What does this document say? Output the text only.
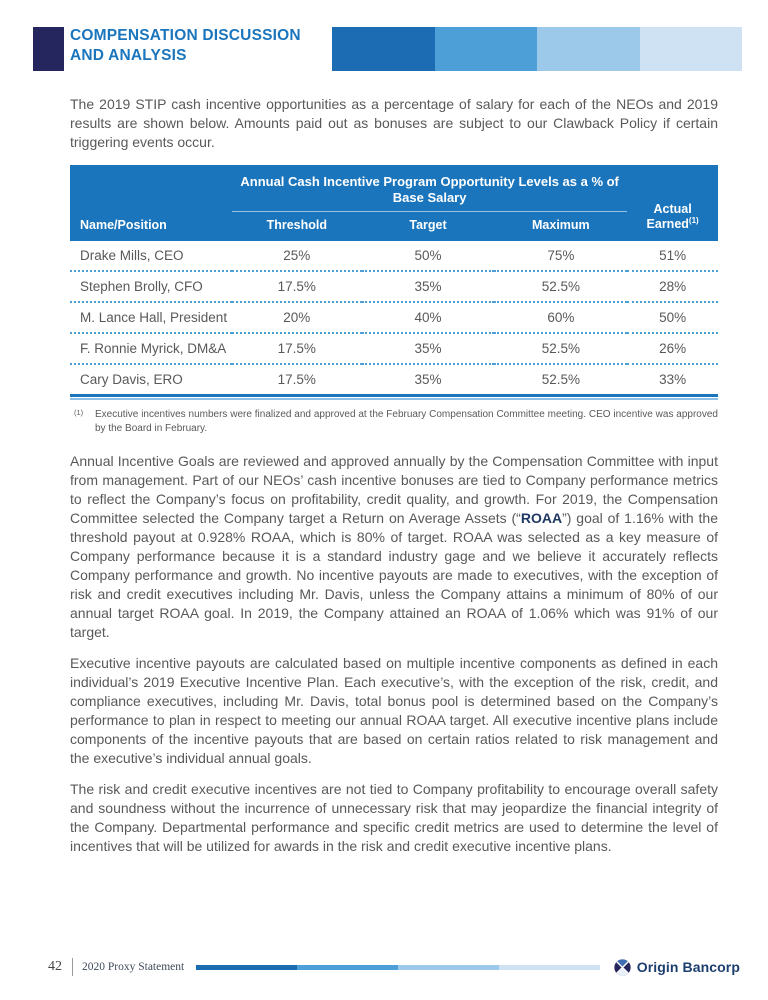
COMPENSATION DISCUSSION
AND ANALYSIS

The 2019 STIP cash incentive opportunities as a percentage of salary for each of the NEOs and 2019 results are shown below. Amounts paid out as bonuses are subject to our Clawback Policy if certain triggering events occur.

Name/Position	Annual Cash Incentive Program Opportunity Levels as a % of Base Salary			Actual
Earned$^{(1)}$
	Threshold	Target	Maximum	
Drake Mills, CEO	25%	50%	75%	51%
Stephen Brolly, CFO	17.5%	35%	52.5%	28%
M. Lance Hall, President	20%	40%	60%	50%
F. Ronnie Myrick, DM&A	17.5%	35%	52.5%	26%
Cary Davis, ERO	17.5%	35%	52.5%	33%
(1) Executive incentives numbers were finalized and approved at the February Compensation Committee meeting. CEO incentive was approved by the Board in February.

Annual Incentive Goals are reviewed and approved annually by the Compensation Committee with input from management. Part of our NEOs’ cash incentive bonuses are tied to Company performance metrics to reflect the Company’s focus on profitability, credit quality, and growth. For 2019, the Compensation Committee selected the Company target a Return on Average Assets (“ROAA”) goal of 1.16% with the threshold payout at 0.928% ROAA, which is 80% of target. ROAA was selected as a key measure of Company performance because it is a standard industry gage and we believe it accurately reflects Company performance and growth. No incentive payouts are made to executives, with the exception of risk and credit executives including Mr. Davis, unless the Company attains a minimum of 80% of our annual target ROAA goal. In 2019, the Company attained an ROAA of 1.06% which was 91% of our target.

Executive incentive payouts are calculated based on multiple incentive components as defined in each individual’s 2019 Executive Incentive Plan. Each executive’s, with the exception of the risk, credit, and compliance executives, including Mr. Davis, total bonus pool is determined based on the Company’s performance to plan in respect to meeting our annual ROAA target. All executive incentive plans include components of the incentive payouts that are based on certain ratios related to risk management and the executive’s individual annual goals.

The risk and credit executive incentives are not tied to Company profitability to encourage overall safety and soundness without the incurrence of unnecessary risk that may jeopardize the financial integrity of the Company. Departmental performance and specific credit metrics are used to determine the level of incentives that will be utilized for awards in the risk and credit executive incentive plans.

42 2020 Proxy Statement	Origin Bancorp
